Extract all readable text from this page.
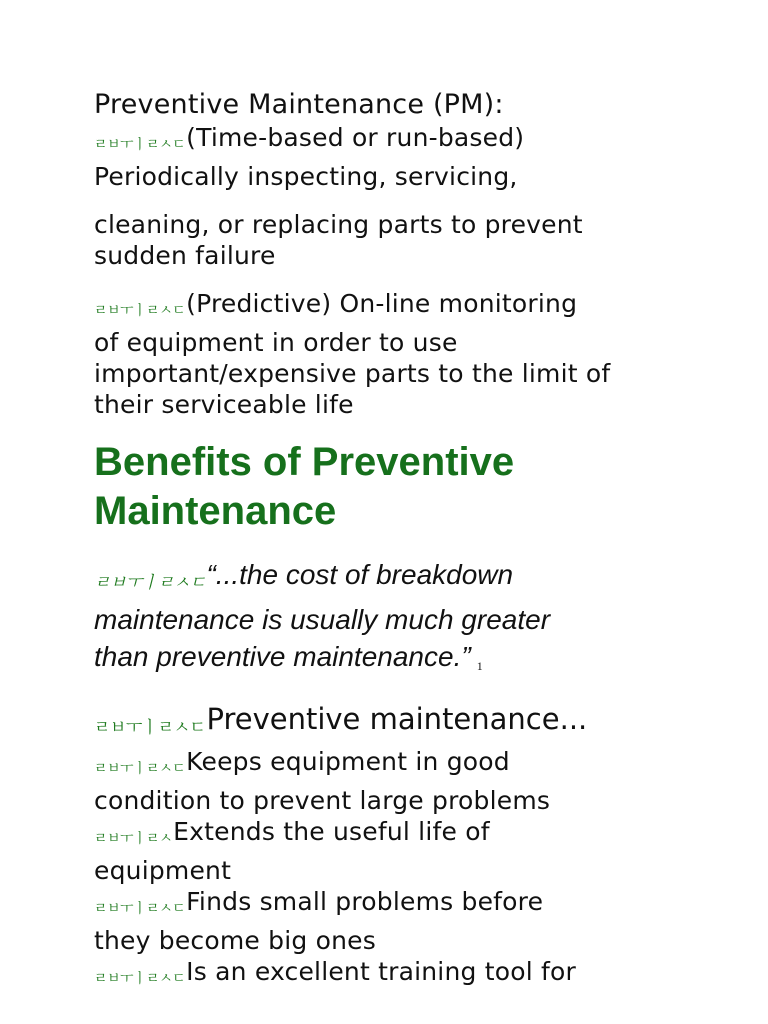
Preventive Maintenance (PM):
ㄹㅂㅜㅣㄹㅅㄷ(Time-based or run-based)
Periodically inspecting, servicing,
cleaning, or replacing parts to prevent
sudden failure
ㄹㅂㅜㅣㄹㅅㄷ(Predictive) On-line monitoring
of equipment in order to use
important/expensive parts to the limit of
their serviceable life
Benefits of Preventive
Maintenance
ㄹㅂㅜㅣㄹㅅㄷ“...the cost of breakdown
maintenance is usually much greater
than preventive maintenance.” 1
ㄹㅂㅜㅣㄹㅅㄷPreventive maintenance...
ㄹㅂㅜㅣㄹㅅㄷKeeps equipment in good
condition to prevent large problems
ㄹㅂㅜㅣㄹㅅExtends the useful life of
equipment
ㄹㅂㅜㅣㄹㅅㄷFinds small problems before
they become big ones
ㄹㅂㅜㅣㄹㅅㄷIs an excellent training tool for
